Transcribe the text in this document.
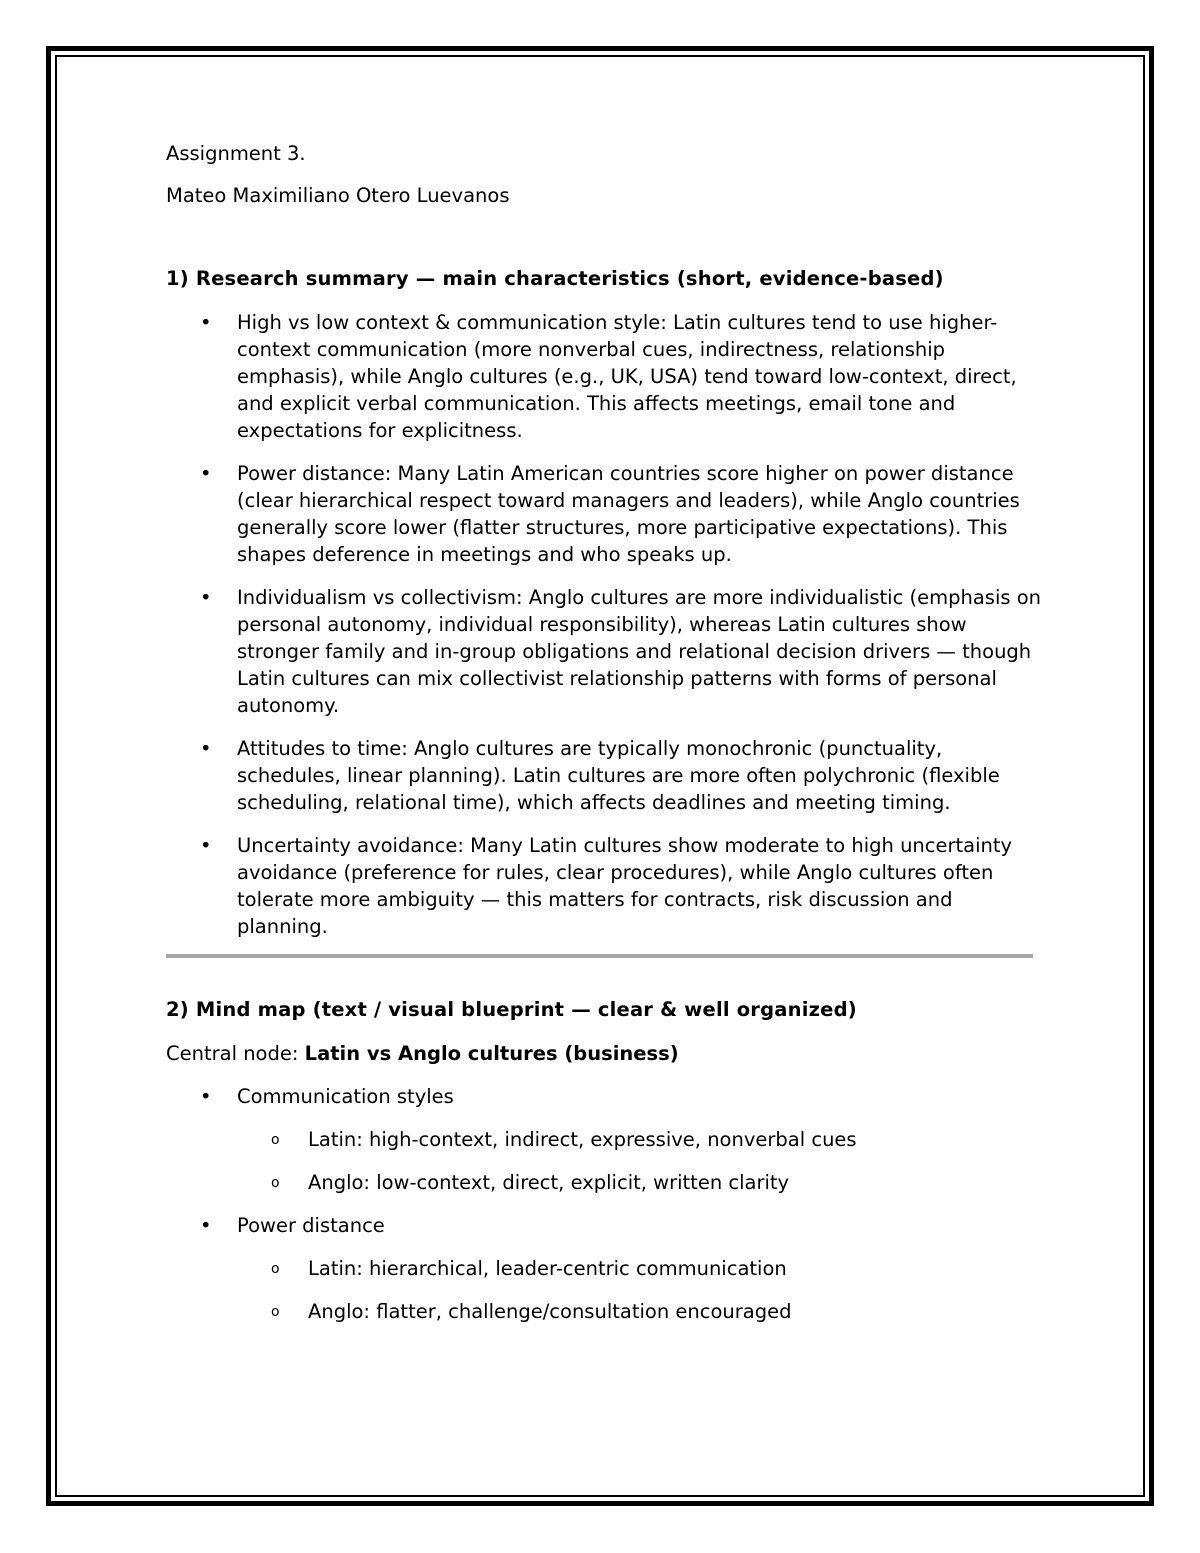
Assignment 3.

Mateo Maximiliano Otero Luevanos

1) Research summary — main characteristics (short, evidence-based)

• High vs low context & communication style: Latin cultures tend to use higher-context communication (more nonverbal cues, indirectness, relationship emphasis), while Anglo cultures (e.g., UK, USA) tend toward low-context, direct, and explicit verbal communication. This affects meetings, email tone and expectations for explicitness.
• Power distance: Many Latin American countries score higher on power distance (clear hierarchical respect toward managers and leaders), while Anglo countries generally score lower (flatter structures, more participative expectations). This shapes deference in meetings and who speaks up.
• Individualism vs collectivism: Anglo cultures are more individualistic (emphasis on personal autonomy, individual responsibility), whereas Latin cultures show stronger family and in-group obligations and relational decision drivers — though Latin cultures can mix collectivist relationship patterns with forms of personal autonomy.
• Attitudes to time: Anglo cultures are typically monochronic (punctuality, schedules, linear planning). Latin cultures are more often polychronic (flexible scheduling, relational time), which affects deadlines and meeting timing.
• Uncertainty avoidance: Many Latin cultures show moderate to high uncertainty avoidance (preference for rules, clear procedures), while Anglo cultures often tolerate more ambiguity — this matters for contracts, risk discussion and planning.

2) Mind map (text / visual blueprint — clear & well organized)

Central node: Latin vs Anglo cultures (business)

• Communication styles
o Latin: high-context, indirect, expressive, nonverbal cues
o Anglo: low-context, direct, explicit, written clarity
• Power distance
o Latin: hierarchical, leader-centric communication
o Anglo: flatter, challenge/consultation encouraged
